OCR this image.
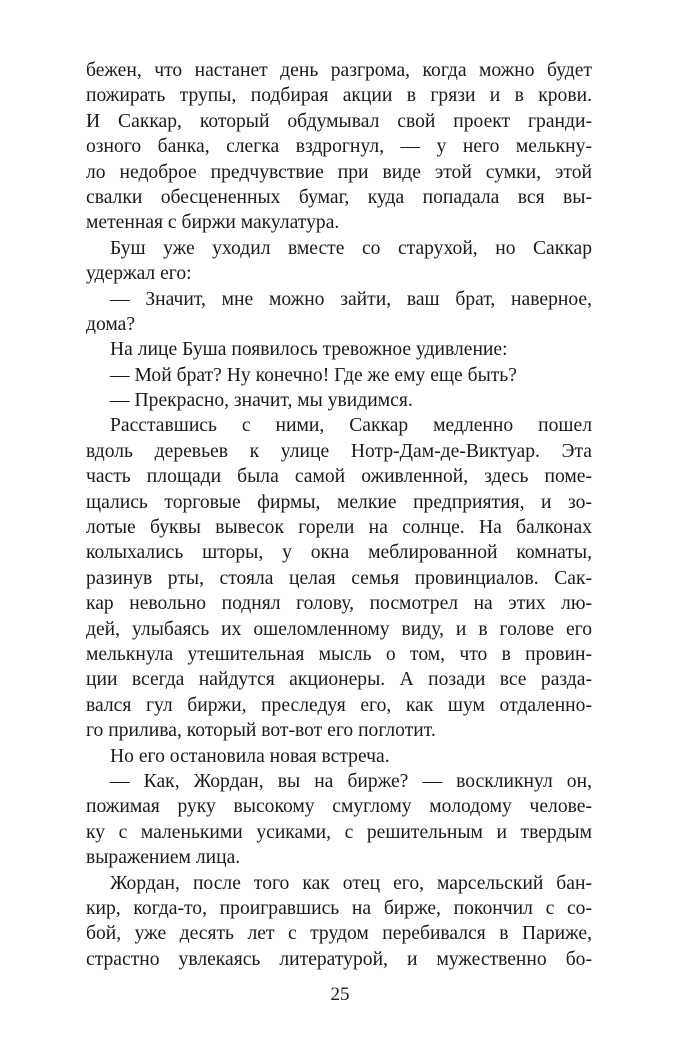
бежен, что настанет день разгрома, когда можно будет
пожирать трупы, подбирая акции в грязи и в крови.
И Саккар, который обдумывал свой проект гранди-
озного банка, слегка вздрогнул, — у него мелькну-
ло недоброе предчувствие при виде этой сумки, этой
свалки обесцененных бумаг, куда попадала вся вы-
метенная с биржи макулатура.
Буш уже уходил вместе со старухой, но Саккар
удержал его:
— Значит, мне можно зайти, ваш брат, наверное,
дома?
На лице Буша появилось тревожное удивление:
— Мой брат? Ну конечно! Где же ему еще быть?
— Прекрасно, значит, мы увидимся.
Расставшись с ними, Саккар медленно пошел
вдоль деревьев к улице Нотр-Дам-де-Виктуар. Эта
часть площади была самой оживленной, здесь поме-
щались торговые фирмы, мелкие предприятия, и зо-
лотые буквы вывесок горели на солнце. На балконах
колыхались шторы, у окна меблированной комнаты,
разинув рты, стояла целая семья провинциалов. Сак-
кар невольно поднял голову, посмотрел на этих лю-
дей, улыбаясь их ошеломленному виду, и в голове его
мелькнула утешительная мысль о том, что в провин-
ции всегда найдутся акционеры. А позади все разда-
вался гул биржи, преследуя его, как шум отдаленно-
го прилива, который вот-вот его поглотит.
Но его остановила новая встреча.
— Как, Жордан, вы на бирже? — воскликнул он,
пожимая руку высокому смуглому молодому челове-
ку с маленькими усиками, с решительным и твердым
выражением лица.
Жордан, после того как отец его, марсельский бан-
кир, когда-то, проигравшись на бирже, покончил с со-
бой, уже десять лет с трудом перебивался в Париже,
страстно увлекаясь литературой, и мужественно бо-
25
